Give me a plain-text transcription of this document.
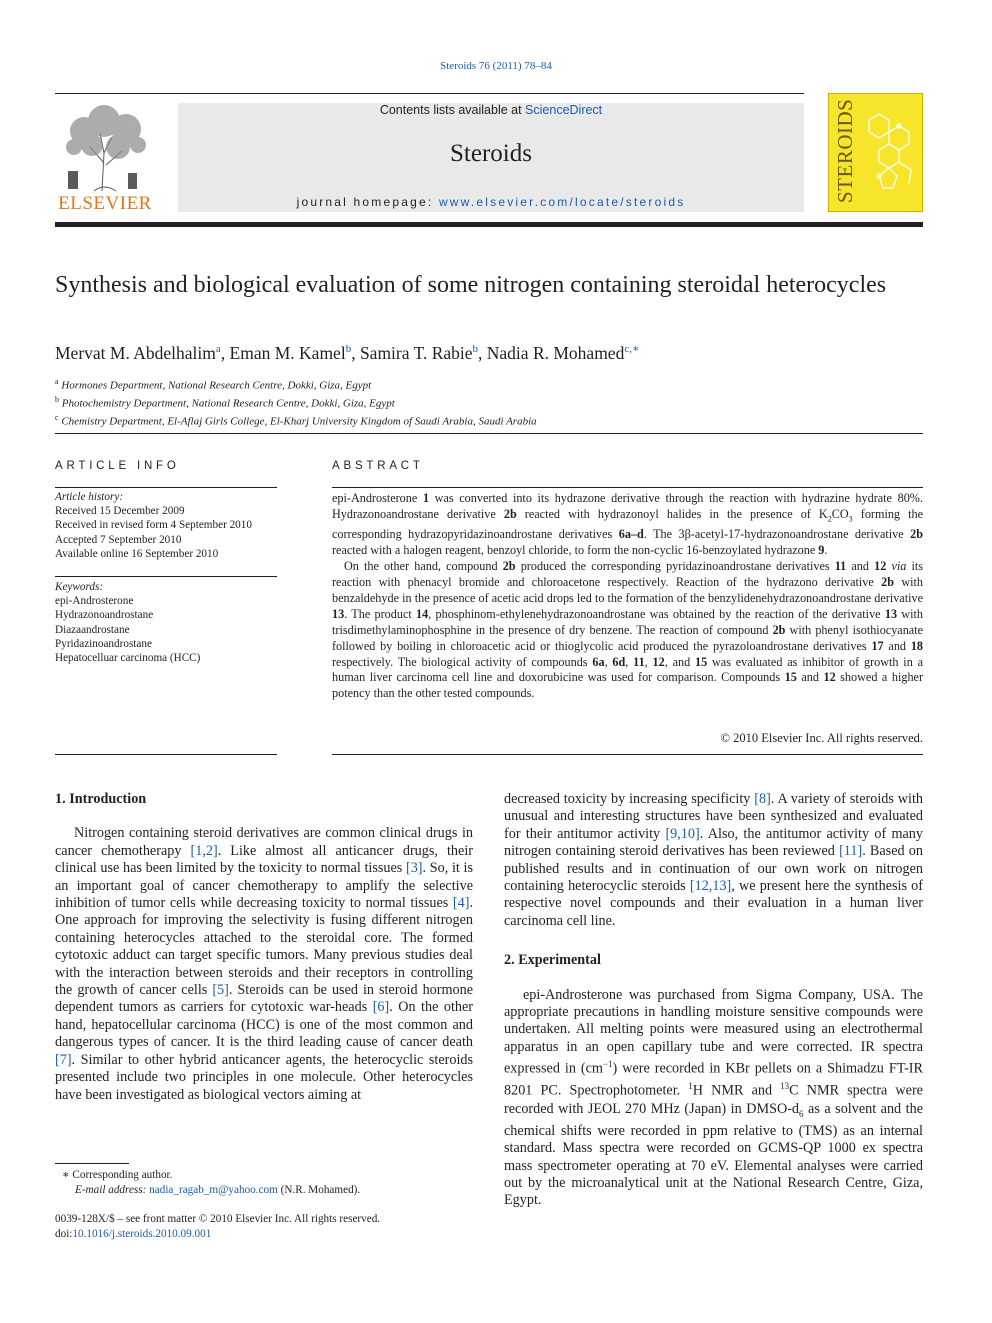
Steroids 76 (2011) 78–84
ELSEVIER
Contents lists available at ScienceDirect
Steroids
journal homepage: www.elsevier.com/locate/steroids	STEROIDS
Synthesis and biological evaluation of some nitrogen containing steroidal heterocycles
Mervat M. Abdelhalim$^a$, Eman M. Kamel$^b$, Samira T. Rabie$^b$, Nadia R. Mohamed$^{c,∗}$
$^a$ Hormones Department, National Research Centre, Dokki, Giza, Egypt
$^b$ Photochemistry Department, National Research Centre, Dokki, Giza, Egypt
$^c$ Chemistry Department, El-Aflaj Girls College, El-Kharj University Kingdom of Saudi Arabia, Saudi Arabia
ARTICLE INFO
Article history:
Received 15 December 2009
Received in revised form 4 September 2010
Accepted 7 September 2010
Available online 16 September 2010
Keywords:
epi-Androsterone
Hydrazonoandrostane
Diazaandrostane
Pyridazinoandrostane
Hepatocelluar carcinoma (HCC)
ABSTRACT

epi-Androsterone 1 was converted into its hydrazone derivative through the reaction with hydrazine hydrate 80%. Hydrazonoandrostane derivative 2b reacted with hydrazonoyl halides in the presence of $K_2CO_3$ forming the corresponding hydrazopyridazinoandrostane derivatives 6a–d. The 3β-acetyl-17-hydrazonoandrostane derivative 2b reacted with a halogen reagent, benzoyl chloride, to form the non-cyclic 16-benzoylated hydrazone 9.

On the other hand, compound 2b produced the corresponding pyridazinoandrostane derivatives 11 and 12 via its reaction with phenacyl bromide and chloroacetone respectively. Reaction of the hydrazono derivative 2b with benzaldehyde in the presence of acetic acid drops led to the formation of the benzylidenehydrazonoandrostane derivative 13. The product 14, phosphinom-ethylenehydrazonoandrostane was obtained by the reaction of the derivative 13 with trisdimethylaminophosphine in the presence of dry benzene. The reaction of compound 2b with phenyl isothiocyanate followed by boiling in chloroacetic acid or thioglycolic acid produced the pyrazoloandrostane derivatives 17 and 18 respectively. The biological activity of compounds 6a, 6d, 11, 12, and 15 was evaluated as inhibitor of growth in a human liver carcinoma cell line and doxorubicine was used for comparison. Compounds 15 and 12 showed a higher potency than the other tested compounds.

© 2010 Elsevier Inc. All rights reserved.
1. Introduction

Nitrogen containing steroid derivatives are common clinical drugs in cancer chemotherapy [1,2]. Like almost all anticancer drugs, their clinical use has been limited by the toxicity to normal tissues [3]. So, it is an important goal of cancer chemotherapy to amplify the selective inhibition of tumor cells while decreasing toxicity to normal tissues [4]. One approach for improving the selectivity is fusing different nitrogen containing heterocycles attached to the steroidal core. The formed cytotoxic adduct can target specific tumors. Many previous studies deal with the interaction between steroids and their receptors in controlling the growth of cancer cells [5]. Steroids can be used in steroid hormone dependent tumors as carriers for cytotoxic war-heads [6]. On the other hand, hepatocellular carcinoma (HCC) is one of the most common and dangerous types of cancer. It is the third leading cause of cancer death [7]. Similar to other hybrid anticancer agents, the heterocyclic steroids presented include two principles in one molecule. Other heterocycles have been investigated as biological vectors aiming at

decreased toxicity by increasing specificity [8]. A variety of steroids with unusual and interesting structures have been synthesized and evaluated for their antitumor activity [9,10]. Also, the antitumor activity of many nitrogen containing steroid derivatives has been reviewed [11]. Based on published results and in continuation of our own work on nitrogen containing heterocyclic steroids [12,13], we present here the synthesis of respective novel compounds and their evaluation in a human liver carcinoma cell line.

2. Experimental

epi-Androsterone was purchased from Sigma Company, USA. The appropriate precautions in handling moisture sensitive compounds were undertaken. All melting points were measured using an electrothermal apparatus in an open capillary tube and were corrected. IR spectra expressed in $(cm^{-1})$ were recorded in KBr pellets on a Shimadzu FT-IR 8201 PC. Spectrophotometer. $^1$H NMR and $^{13}$C NMR spectra were recorded with JEOL 270 MHz (Japan) in DMSO-$d_6$ as a solvent and the chemical shifts were recorded in ppm relative to (TMS) as an internal standard. Mass spectra were recorded on GCMS-QP 1000 ex spectra mass spectrometer operating at 70 eV. Elemental analyses were carried out by the microanalytical unit at the National Research Centre, Giza, Egypt.

∗ Corresponding author.
E-mail address: nadia_ragab_m@yahoo.com (N.R. Mohamed).
0039-128X/$ – see front matter © 2010 Elsevier Inc. All rights reserved.
doi:10.1016/j.steroids.2010.09.001
